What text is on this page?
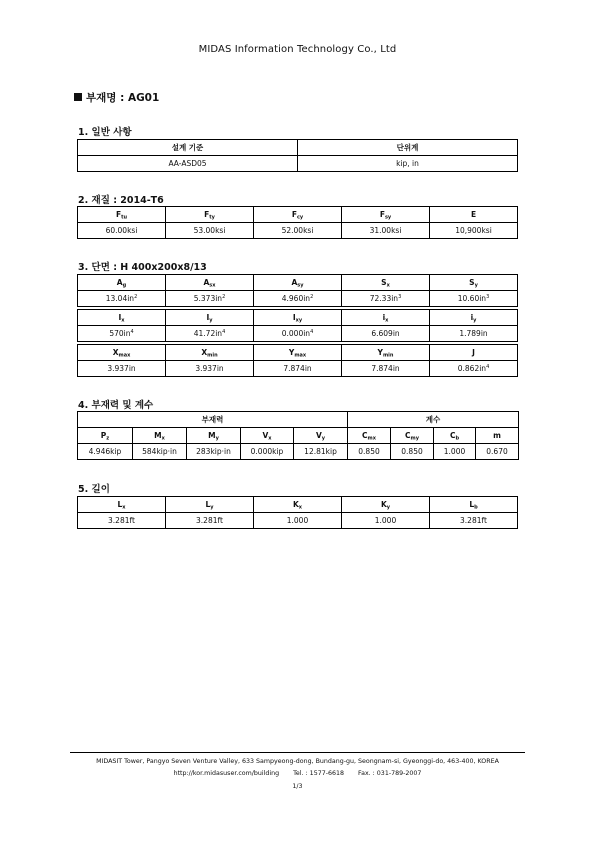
MIDAS Information Technology Co., Ltd
부재명 : AG01
1. 일반 사항
설계 기준	단위계
AA-ASD05	kip, in
2. 재질 : 2014-T6
$F_{tu}$	$F_{ty}$	$F_{cy}$	$F_{sy}$	E
60.00ksi	53.00ksi	52.00ksi	31.00ksi	10,900ksi
3. 단면 : H 400x200x8/13
$A_g$	$A_{sx}$	$A_{sy}$	$S_x$	$S_y$
$13.04in^2$	$5.373in^2$	$4.960in^2$	$72.33in^3$	$10.60in^3$
$I_x$	$I_y$	$I_{xy}$	$i_x$	$i_y$
$570in^4$	$41.72in^4$	$0.000in^4$	6.609in	1.789in
$X_{max}$	$X_{min}$	$Y_{max}$	$Y_{min}$	J
3.937in	3.937in	7.874in	7.874in	$0.862in^4$
4. 부재력 및 계수
부재력					계수			
$P_z$	$M_x$	$M_y$	$V_x$	$V_y$	$C_{mx}$	$C_{my}$	$C_b$	m
4.946kip	584kip·in	283kip·in	0.000kip	12.81kip	0.850	0.850	1.000	0.670
5. 길이
$L_x$	$L_y$	$K_x$	$K_y$	$L_b$
3.281ft	3.281ft	1.000	1.000	3.281ft
MIDASIT Tower, Pangyo Seven Venture Valley, 633 Sampyeong-dong, Bundang-gu, Seongnam-si, Gyeonggi-do, 463-400, KOREA
http://kor.midasuser.com/building Tel. : 1577-6618 Fax. : 031-789-2007
1/3
